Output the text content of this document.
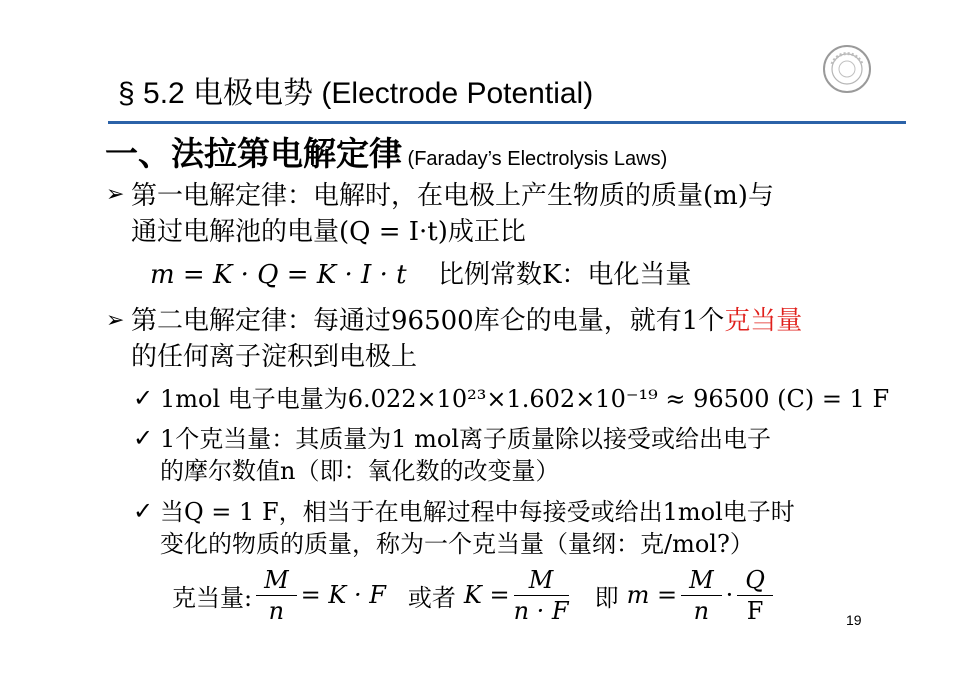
§ 5.2 电极电势 (Electrode Potential)
一、法拉第电解定律 (Faraday’s Electrolysis Laws)
➢ 第一电解定律：电解时，在电极上产生物质的质量(m)与
通过电解池的电量(Q = I·t)成正比
m = K · Q = K · I · t 比例常数K：电化当量
➢ 第二电解定律：每通过96500库仑的电量，就有1个克当量
的任何离子淀积到电极上
✓ 1mol 电子电量为6.022×10²³×1.602×10⁻¹⁹ ≈ 96500 (C) = 1 F
✓ 1个克当量：其质量为1 mol离子质量除以接受或给出电子
的摩尔数值n（即：氧化数的改变量）
✓ 当Q = 1 F，相当于在电解过程中每接受或给出1mol电子时
变化的物质的质量，称为一个克当量（量纲：克/mol?）
克当量: $\frac{M}{n} = K \cdot F$ 或者 $K = \frac{M}{n \cdot F}$ 即 $m = \frac{M}{n} \cdot \frac{Q}{F}$	19
